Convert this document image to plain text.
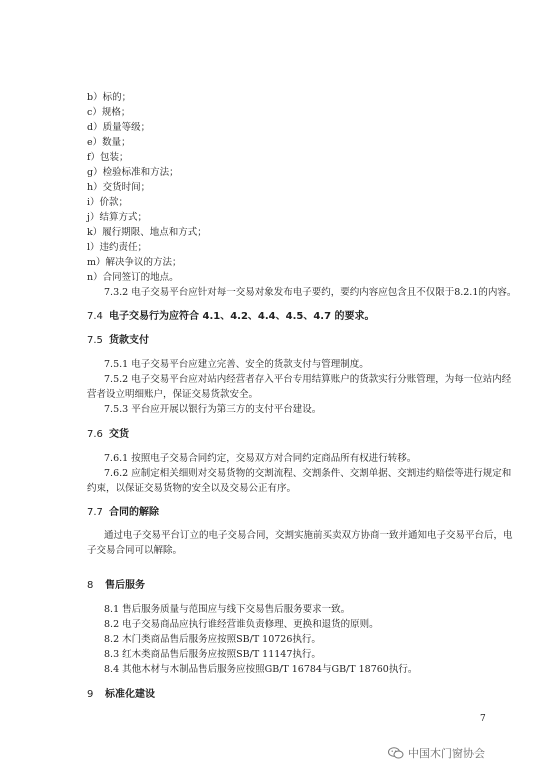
b）标的；
c）规格；
d）质量等级；
e）数量；
f）包装；
g）检验标准和方法；
h）交货时间；
i）价款；
j）结算方式；
k）履行期限、地点和方式；
l）违约责任；
m）解决争议的方法；
n）合同签订的地点。
7.3.2 电子交易平台应针对每一交易对象发布电子要约，要约内容应包含且不仅限于8.2.1的内容。
7.4 电子交易行为应符合 4.1、4.2、4.4、4.5、4.7 的要求。
7.5 货款支付
7.5.1 电子交易平台应建立完善、安全的货款支付与管理制度。
7.5.2 电子交易平台应对站内经营者存入平台专用结算账户的货款实行分账管理，为每一位站内经
营者设立明细账户，保证交易货款安全。
7.5.3 平台应开展以银行为第三方的支付平台建设。
7.6 交货
7.6.1 按照电子交易合同约定，交易双方对合同约定商品所有权进行转移。
7.6.2 应制定相关细则对交易货物的交割流程、交割条件、交割单据、交割违约赔偿等进行规定和
约束，以保证交易货物的安全以及交易公正有序。
7.7 合同的解除
通过电子交易平台订立的电子交易合同，交割实施前买卖双方协商一致并通知电子交易平台后，电
子交易合同可以解除。
8 售后服务
8.1 售后服务质量与范围应与线下交易售后服务要求一致。
8.2 电子交易商品应执行谁经营谁负责修理、更换和退货的原则。
8.2 木门类商品售后服务应按照SB/T 10726执行。
8.3 红木类商品售后服务应按照SB/T 11147执行。
8.4 其他木材与木制品售后服务应按照GB/T 16784与GB/T 18760执行。
9 标准化建设
7
中国木门窗协会
